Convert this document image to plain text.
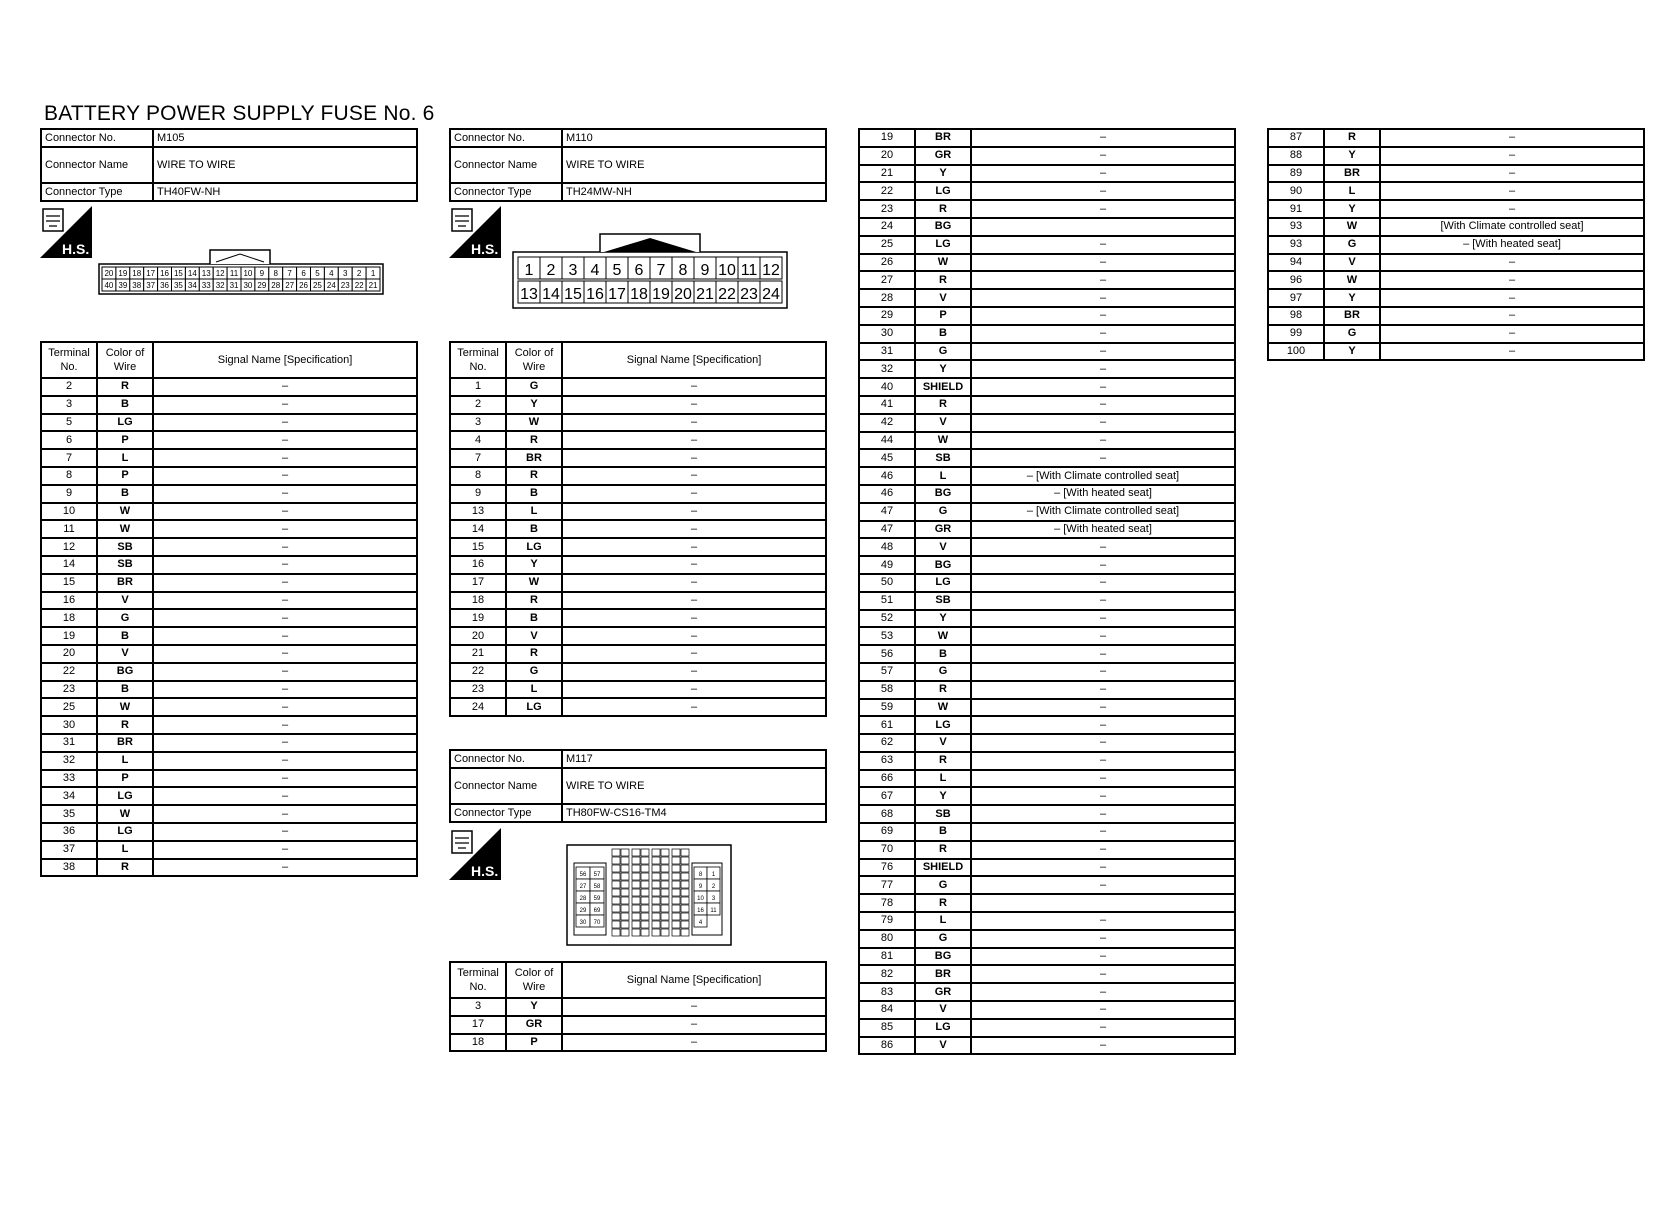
BATTERY POWER SUPPLY FUSE No. 6
Connector No.	M105
Connector Name	WIRE TO WIRE
Connector Type	TH40FW-NH
H.S.
20 19 18 17 16 15 14 13 12 11 10 9 8 7 6 5 4 3 2 1
40 39 38 37 36 35 34 33 32 31 30 29 28 27 26 25 24 23 22 21
Terminal No.	Color of Wire	Signal Name [Specification]
2	R	–
3	B	–
5	LG	–
6	P	–
7	L	–
8	P	–
9	B	–
10	W	–
11	W	–
12	SB	–
14	SB	–
15	BR	–
16	V	–
18	G	–
19	B	–
20	V	–
22	BG	–
23	B	–
25	W	–
30	R	–
31	BR	–
32	L	–
33	P	–
34	LG	–
35	W	–
36	LG	–
37	L	–
38	R	–
Connector No.	M110
Connector Name	WIRE TO WIRE
Connector Type	TH24MW-NH
H.S.
1 2 3 4 5 6 7 8 9 10 11 12
13 14 15 16 17 18 19 20 21 22 23 24
Terminal No.	Color of Wire	Signal Name [Specification]
1	G	–
2	Y	–
3	W	–
4	R	–
7	BR	–
8	R	–
9	B	–
13	L	–
14	B	–
15	LG	–
16	Y	–
17	W	–
18	R	–
19	B	–
20	V	–
21	R	–
22	G	–
23	L	–
24	LG	–
Connector No.	M117
Connector Name	WIRE TO WIRE
Connector Type	TH80FW-CS16-TM4
H.S.	56 57
27 58
28 59
29 69
30 70
8 1
9 2
10 3
16 11
4
Terminal No.	Color of Wire	Signal Name [Specification]
3	Y	–
17	GR	–
18	P	–
19	BR	–
20	GR	–
21	Y	–
22	LG	–
23	R	–
24	BG	
25	LG	–
26	W	–
27	R	–
28	V	–
29	P	–
30	B	–
31	G	–
32	Y	–
40	SHIELD	–
41	R	–
42	V	–
44	W	–
45	SB	–
46	L	– [With Climate controlled seat]
46	BG	– [With heated seat]
47	G	– [With Climate controlled seat]
47	GR	– [With heated seat]
48	V	–
49	BG	–
50	LG	–
51	SB	–
52	Y	–
53	W	–
56	B	–
57	G	–
58	R	–
59	W	–
61	LG	–
62	V	–
63	R	–
66	L	–
67	Y	–
68	SB	–
69	B	–
70	R	–
76	SHIELD	–
77	G	–
78	R	
79	L	–
80	G	–
81	BG	–
82	BR	–
83	GR	–
84	V	–
85	LG	–
86	V	–
87	R	–
88	Y	–
89	BR	–
90	L	–
91	Y	–
93	W	[With Climate controlled seat]
93	G	– [With heated seat]
94	V	–
96	W	–
97	Y	–
98	BR	–
99	G	–
100	Y	–
